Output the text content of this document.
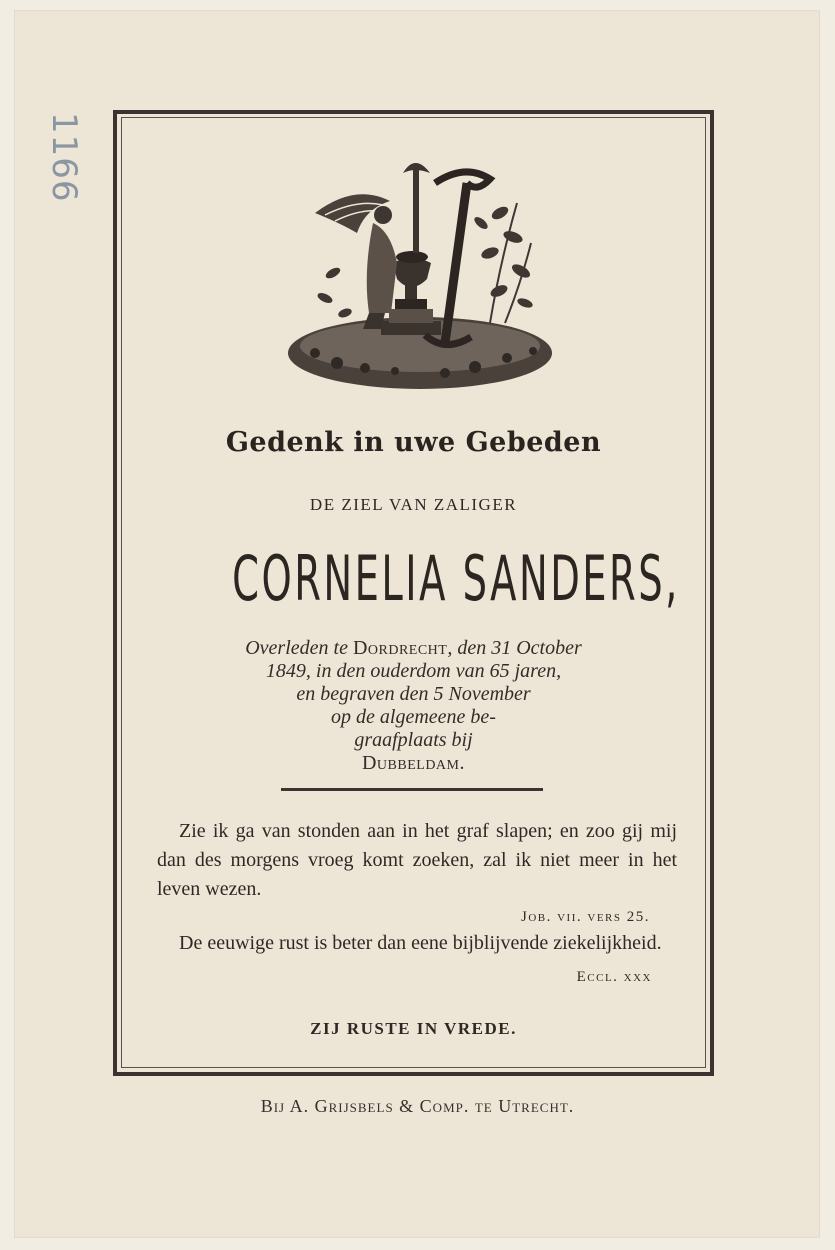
1166
Gedenk in uwe Gebeden
DE ZIEL VAN ZALIGER
CORNELIA SANDERS,
Overleden te Dordrecht, den 31 October
1849, in den ouderdom van 65 jaren,
en begraven den 5 November
op de algemeene be-
graafplaats bij
Dubbeldam.
Zie ik ga van stonden aan in het graf slapen; en zoo gij mij dan des morgens vroeg komt zoeken, zal ik niet meer in het leven wezen.
Job. vii. vers 25.
De eeuwige rust is beter dan eene bijblijvende ziekelijkheid.
Eccl. xxx
ZIJ RUSTE IN VREDE.
Bij A. Grijsbels & Comp. te Utrecht.
